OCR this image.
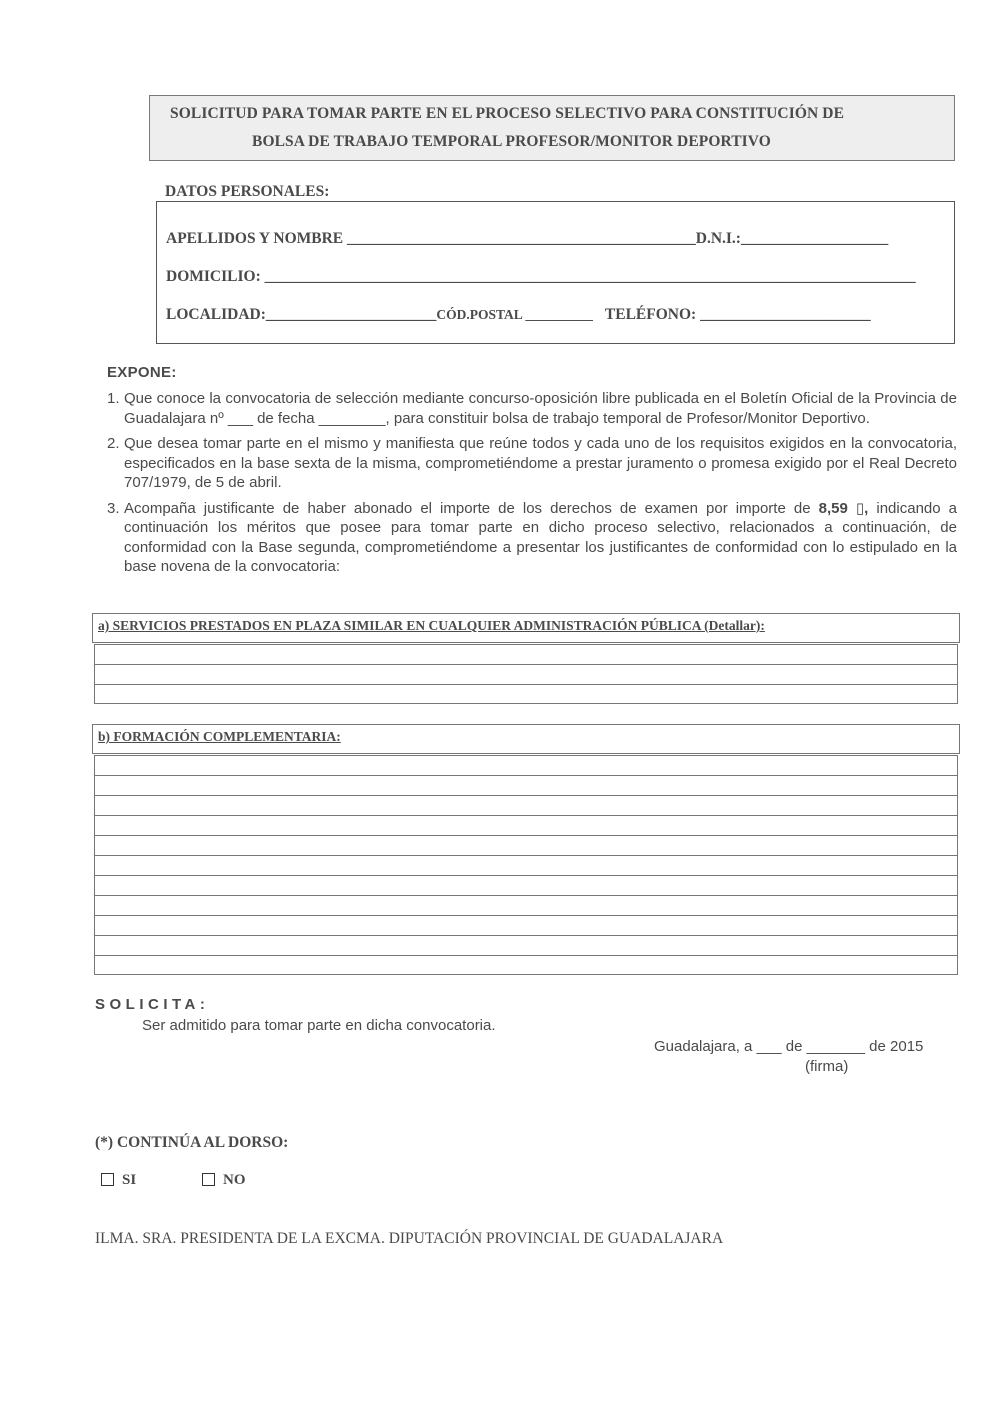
SOLICITUD PARA TOMAR PARTE EN EL PROCESO SELECTIVO PARA CONSTITUCIÓN DE
BOLSA DE TRABAJO TEMPORAL PROFESOR/MONITOR DEPORTIVO
DATOS PERSONALES:
APELLIDOS Y NOMBRE _____________________________________________D.N.I.:___________________
DOMICILIO: ____________________________________________________________________________________
LOCALIDAD:______________________CÓD.POSTAL __________ TELÉFONO: ______________________
EXPONE:
1. Que conoce la convocatoria de selección mediante concurso-oposición libre publicada en el Boletín Oficial de la Provincia de Guadalajara nº ___ de fecha ________, para constituir bolsa de trabajo temporal de Profesor/Monitor Deportivo.
2. Que desea tomar parte en el mismo y manifiesta que reúne todos y cada uno de los requisitos exigidos en la convocatoria, especificados en la base sexta de la misma, comprometiéndome a prestar juramento o promesa exigido por el Real Decreto 707/1979, de 5 de abril.
3. Acompaña justificante de haber abonado el importe de los derechos de examen por importe de 8,59 ▯, indicando a continuación los méritos que posee para tomar parte en dicho proceso selectivo, relacionados a continuación, de conformidad con la Base segunda, comprometiéndome a presentar los justificantes de conformidad con lo estipulado en la base novena de la convocatoria:
a) SERVICIOS PRESTADOS EN PLAZA SIMILAR EN CUALQUIER ADMINISTRACIÓN PÚBLICA (Detallar):
b) FORMACIÓN COMPLEMENTARIA:
SOLICITA:
Ser admitido para tomar parte en dicha convocatoria.
Guadalajara, a ___ de _______ de 2015
(firma)
(*) CONTINÚA AL DORSO:
SI	NO
ILMA. SRA. PRESIDENTA DE LA EXCMA. DIPUTACIÓN PROVINCIAL DE GUADALAJARA
